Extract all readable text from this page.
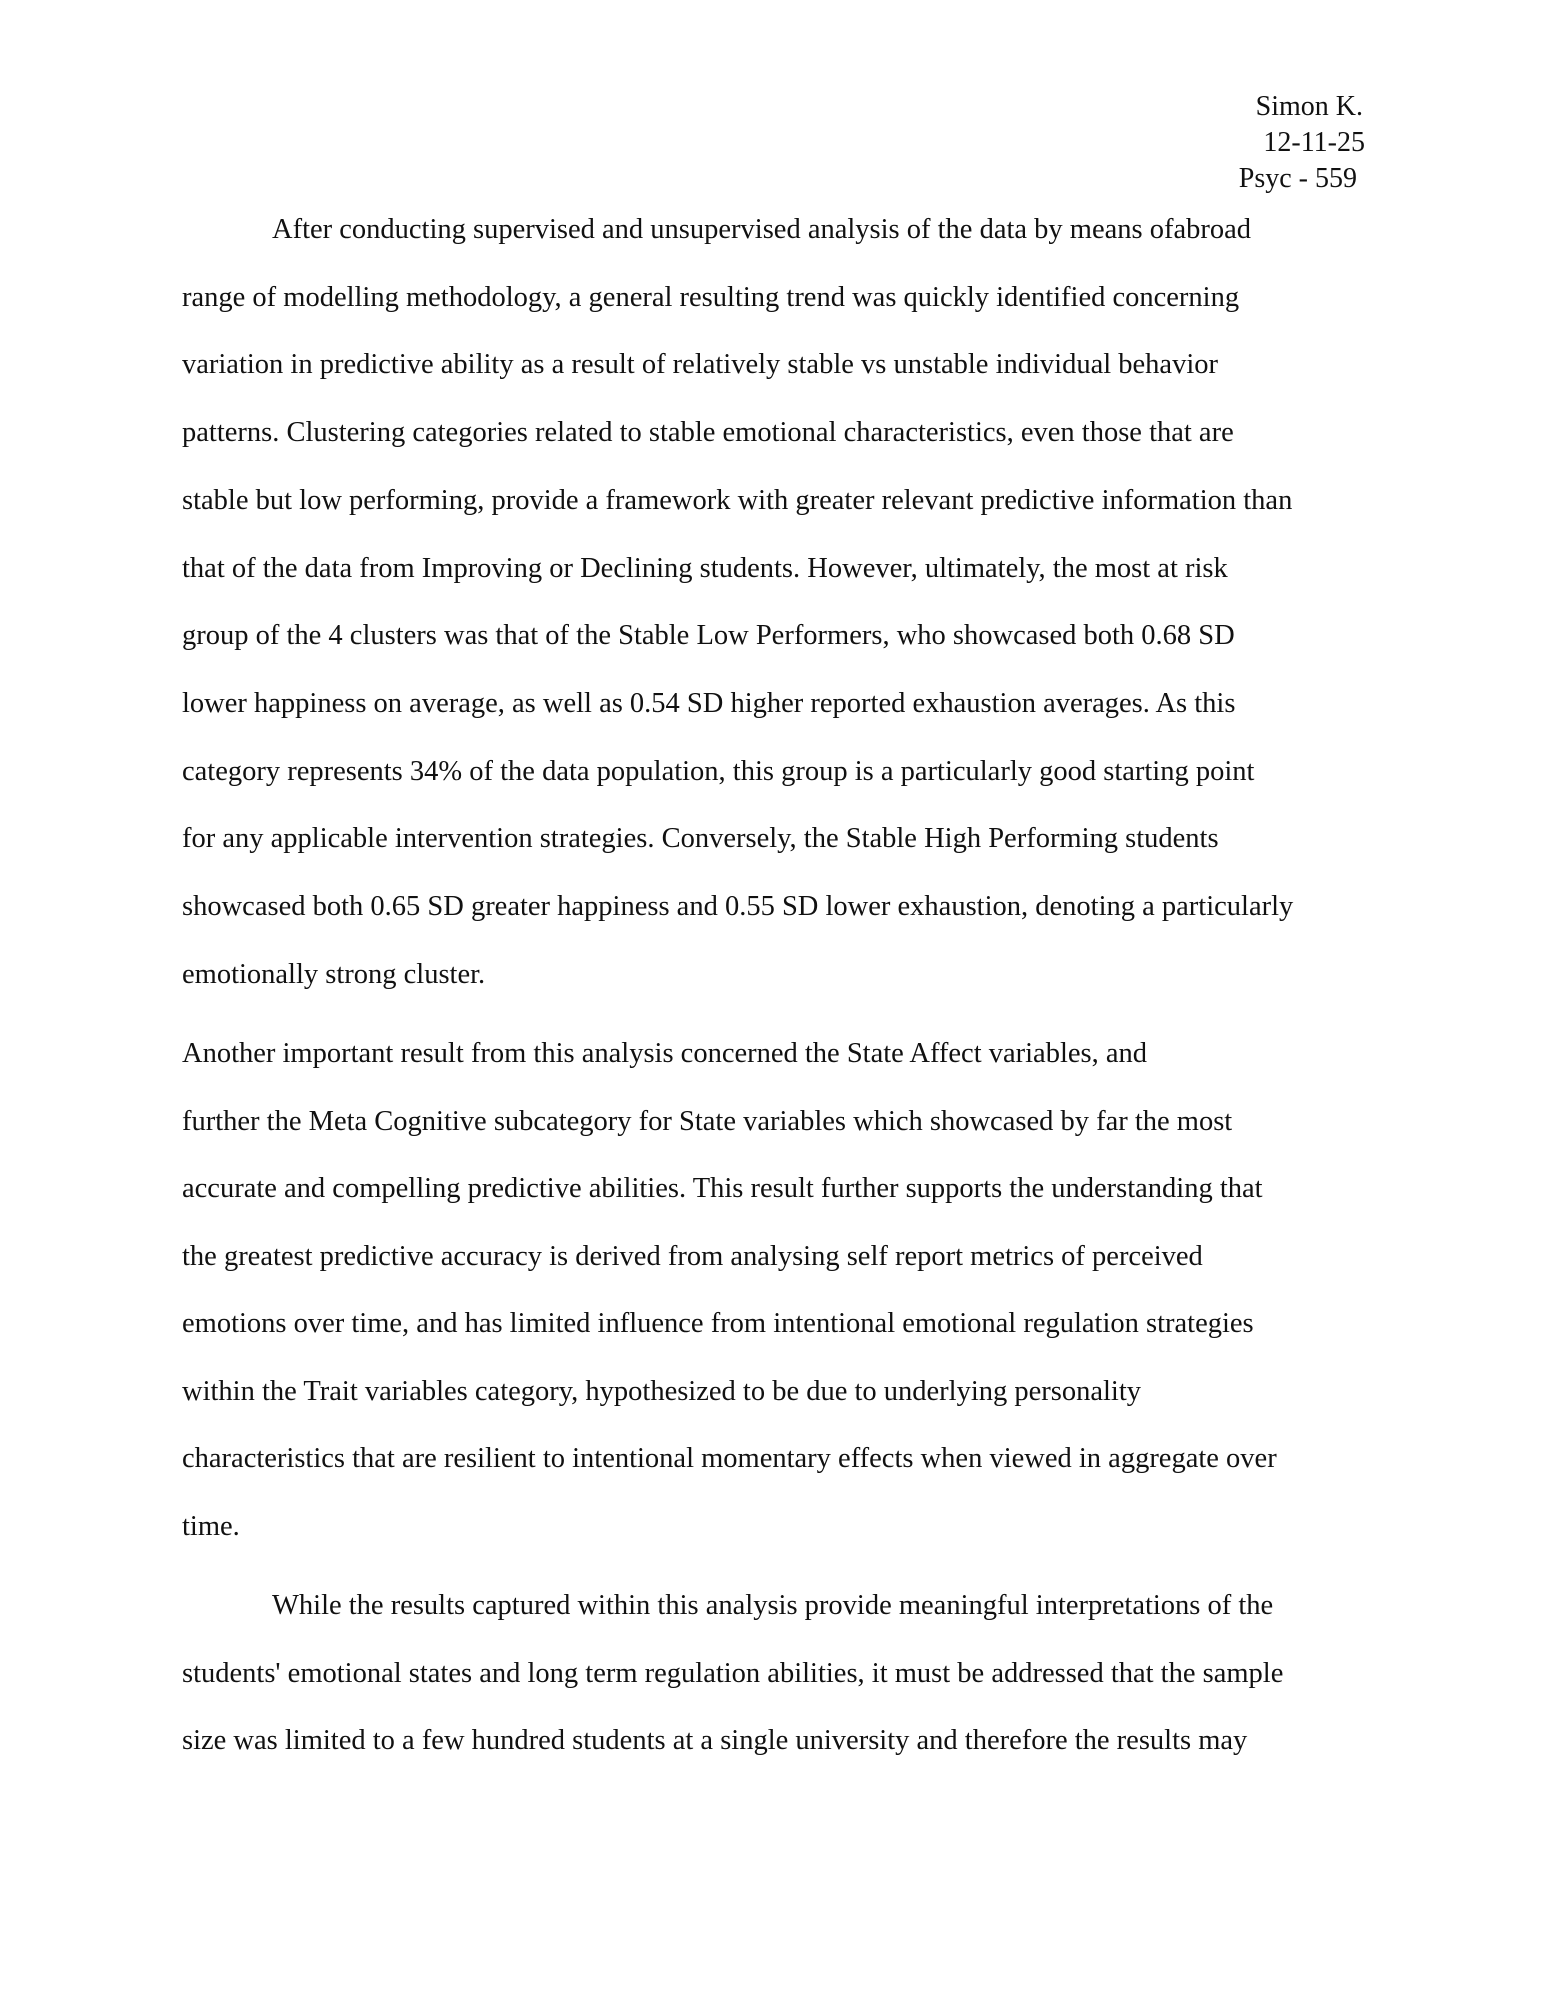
Simon K.
12-11-25
Psyc - 559

After conducting supervised and unsupervised analysis of the data by means ofabroad
range of modelling methodology, a general resulting trend was quickly identified concerning
variation in predictive ability as a result of relatively stable vs unstable individual behavior
patterns. Clustering categories related to stable emotional characteristics, even those that are
stable but low performing, provide a framework with greater relevant predictive information than
that of the data from Improving or Declining students. However, ultimately, the most at risk
group of the 4 clusters was that of the Stable Low Performers, who showcased both 0.68 SD
lower happiness on average, as well as 0.54 SD higher reported exhaustion averages. As this
category represents 34% of the data population, this group is a particularly good starting point
for any applicable intervention strategies. Conversely, the Stable High Performing students
showcased both 0.65 SD greater happiness and 0.55 SD lower exhaustion, denoting a particularly
emotionally strong cluster.

Another important result from this analysis concerned the State Affect variables, and
further the Meta Cognitive subcategory for State variables which showcased by far the most
accurate and compelling predictive abilities. This result further supports the understanding that
the greatest predictive accuracy is derived from analysing self report metrics of perceived
emotions over time, and has limited influence from intentional emotional regulation strategies
within the Trait variables category, hypothesized to be due to underlying personality
characteristics that are resilient to intentional momentary effects when viewed in aggregate over
time.

While the results captured within this analysis provide meaningful interpretations of the
students' emotional states and long term regulation abilities, it must be addressed that the sample
size was limited to a few hundred students at a single university and therefore the results may
